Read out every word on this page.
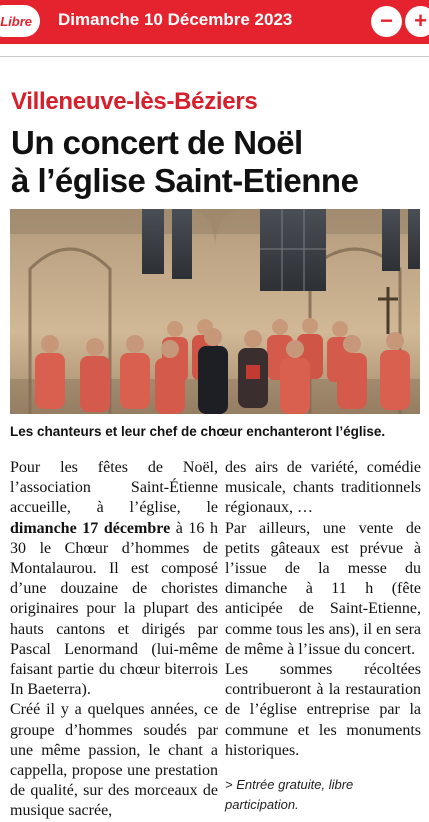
Libre Dimanche 10 Décembre 2023	− +
Villeneuve-lès-Béziers
Un concert de Noël
à l’église Saint-Etienne
Les chanteurs et leur chef de chœur enchanteront l’église.

Pour les fêtes de Noël, l’association Saint-Étienne accueille, à l’église, le dimanche 17 décembre à 16 h 30 le Chœur d’hommes de Montalaurou. Il est composé d’une douzaine de choristes originaires pour la plupart des hauts cantons et dirigés par Pascal Lenormand (lui-même faisant partie du chœur biterrois In Baeterra).

Créé il y a quelques années, ce groupe d’hommes soudés par une même passion, le chant a cappella, propose une prestation de qualité, sur des morceaux de musique sacrée,

des airs de variété, comédie musicale, chants traditionnels régionaux, …

Par ailleurs, une vente de petits gâteaux est prévue à l’issue de la messe du dimanche à 11 h (fête anticipée de Saint-Etienne, comme tous les ans), il en sera de même à l’issue du concert.

Les sommes récoltées contribueront à la restauration de l’église entreprise par la commune et les monuments historiques.

> Entrée gratuite, libre participation.
